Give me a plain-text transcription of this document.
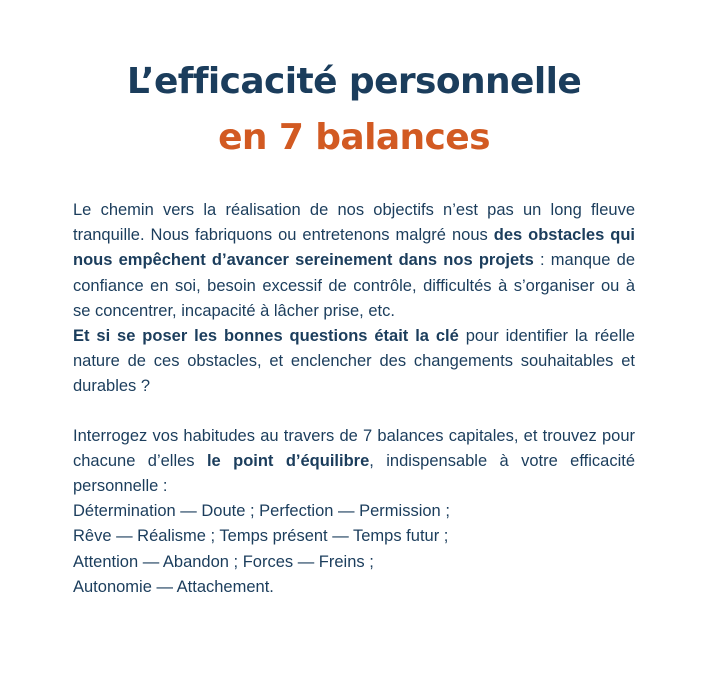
L’efficacité personnelle
en 7 balances

Le chemin vers la réalisation de nos objectifs n’est pas un long fleuve tranquille. Nous fabriquons ou entretenons malgré nous des obstacles qui nous empêchent d’avancer sereinement dans nos projets : manque de confiance en soi, besoin excessif de contrôle, difficultés à s’organiser ou à se concentrer, incapacité à lâcher prise, etc.

Et si se poser les bonnes questions était la clé pour identifier la réelle nature de ces obstacles, et enclencher des changements souhaitables et durables ?

Interrogez vos habitudes au travers de 7 balances capitales, et trouvez pour chacune d’elles le point d’équilibre, indispensable à votre efficacité personnelle :

Détermination — Doute ; Perfection — Permission ;

Rêve — Réalisme ; Temps présent — Temps futur ;

Attention — Abandon ; Forces — Freins ;

Autonomie — Attachement.
